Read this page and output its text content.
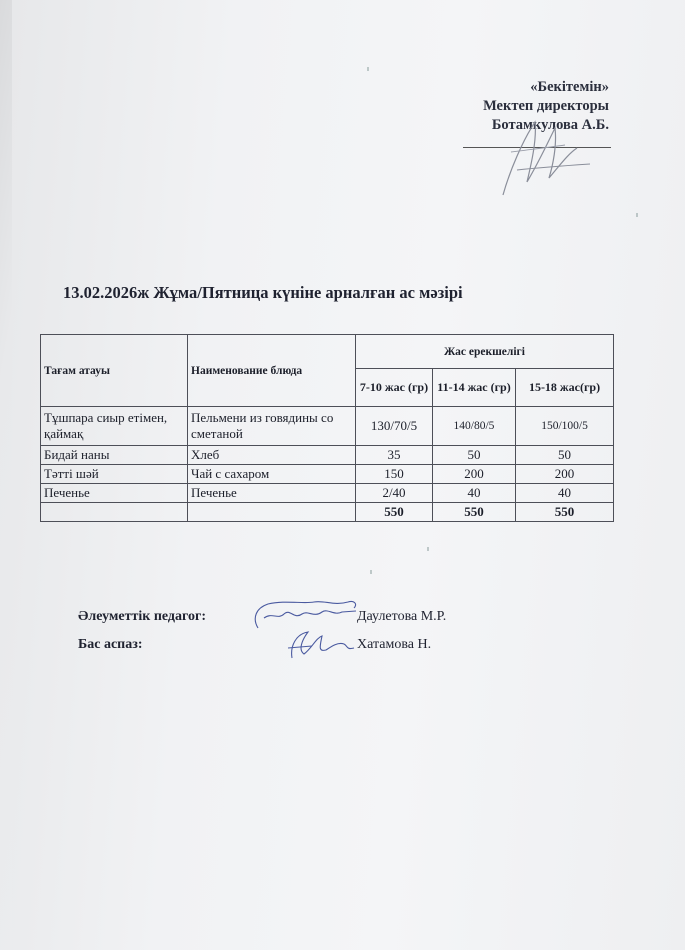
«Бекітемін»
Мектеп директоры
Ботамкулова А.Б.
13.02.2026ж Жұма/Пятница күніне арналған ас мәзірі
Тағам атауы	Наименование блюда	Жас ерекшелігі		
		7-10 жас (гр)	11-14 жас (гр)	15-18 жас(гр)
Тұшпара сиыр етімен, қаймақ	Пельмени из говядины со сметаной	130/70/5	140/80/5	150/100/5
Бидай наны	Хлеб	35	50	50
Тәтті шәй	Чай с сахаром	150	200	200
Печенье	Печенье	2/40	40	40
		550	550	550
Әлеуметтік педагог:	Даулетова М.Р.
Бас аспаз:	Хатамова Н.
